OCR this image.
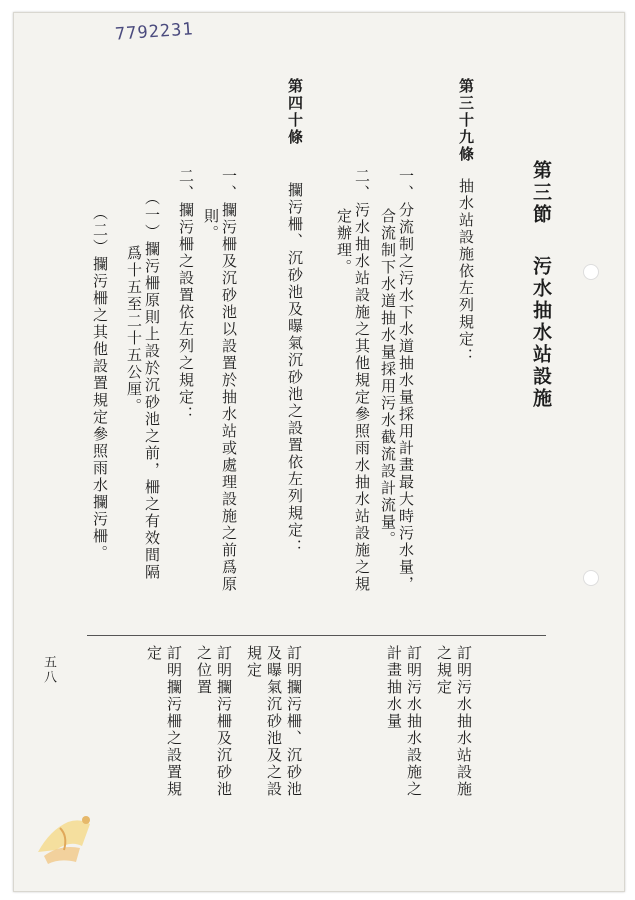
7792231
第三節污水抽水站設施
第三十九條
抽水站設施依左列規定：
一、分流制之污水下水道抽水量採用計畫最大時污水量，
合流制下水道抽水量採用污水截流設計流量。
二、污水抽水站設施之其他規定參照雨水抽水站設施之規
定辦理。
第四十條
攔污柵、沉砂池及曝氣沉砂池之設置依左列規定：
一、攔污柵及沉砂池以設置於抽水站或處理設施之前爲原
則。
二、攔污柵之設置依左列之規定：
（一）攔污柵原則上設於沉砂池之前，柵之有效間隔
爲十五至二十五公厘。
（二）攔污柵之其他設置規定參照雨水攔污柵。
訂明污水抽水站設施
之規定
訂明污水抽水設施之
計畫抽水量
訂明攔污柵、沉砂池
及曝氣沉砂池及之設
規定
訂明攔污柵及沉砂池
之位置
訂明攔污柵之設置規
定
五八
